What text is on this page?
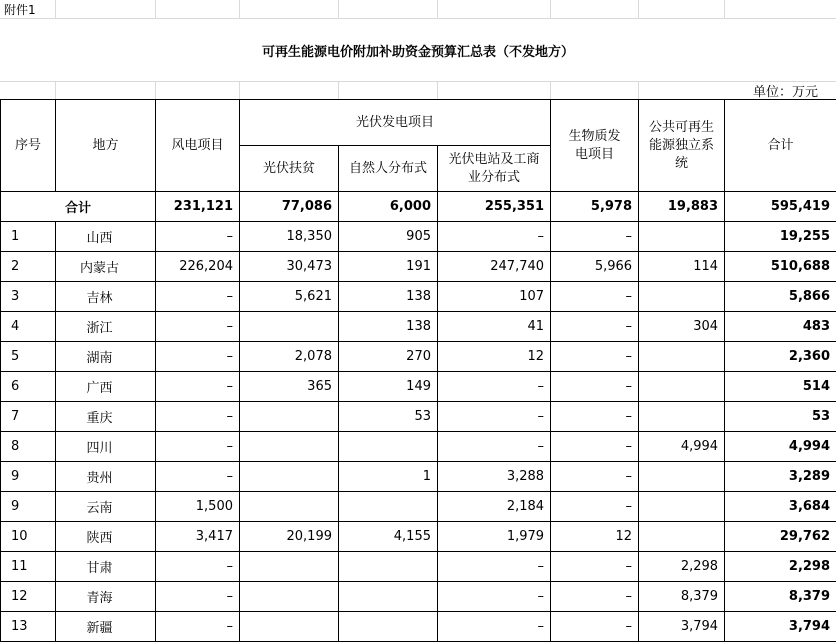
附件1
可再生能源电价附加补助资金预算汇总表（不发地方）
单位：万元
序号	地方	风电项目	光伏发电项目			生物质发电项目	公共可再生能源独立系统	合计
			光伏扶贫	自然人分布式	光伏电站及工商业分布式			
合计		231,121	77,086	6,000	255,351	5,978	19,883	595,419
1	山西	–	18,350	905	–	–		19,255
2	内蒙古	226,204	30,473	191	247,740	5,966	114	510,688
3	吉林	–	5,621	138	107	–		5,866
4	浙江	–		138	41	–	304	483
5	湖南	–	2,078	270	12	–		2,360
6	广西	–	365	149	–	–		514
7	重庆	–		53	–	–		53
8	四川	–			–	–	4,994	4,994
9	贵州	–		1	3,288	–		3,289
9	云南	1,500			2,184	–		3,684
10	陕西	3,417	20,199	4,155	1,979	12		29,762
11	甘肃	–			–	–	2,298	2,298
12	青海	–			–	–	8,379	8,379
13	新疆	–			–	–	3,794	3,794
